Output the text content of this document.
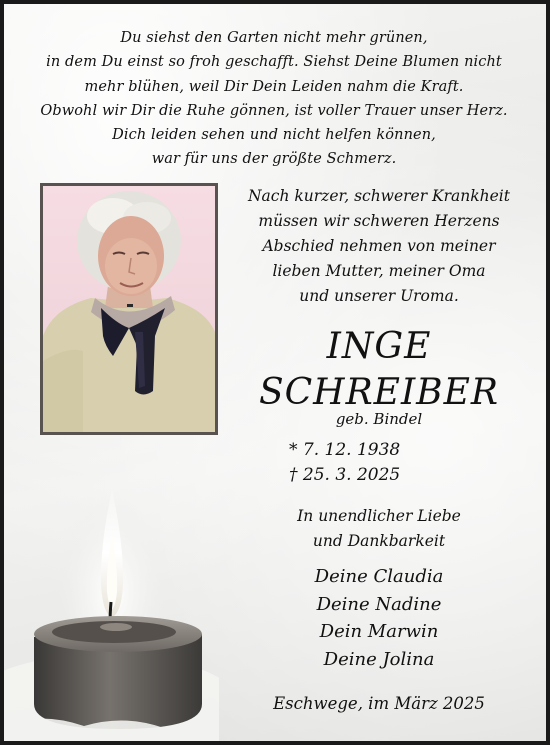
Du siehst den Garten nicht mehr grünen,
in dem Du einst so froh geschafft. Siehst Deine Blumen nicht
mehr blühen, weil Dir Dein Leiden nahm die Kraft.
Obwohl wir Dir die Ruhe gönnen, ist voller Trauer unser Herz.
Dich leiden sehen und nicht helfen können,
war für uns der größte Schmerz.
Nach kurzer, schwerer Krankheit
müssen wir schweren Herzens
Abschied nehmen von meiner
lieben Mutter, meiner Oma
und unserer Uroma.
INGE
SCHREIBER
geb. Bindel
* 7. 12. 1938
† 25. 3. 2025
In unendlicher Liebe
und Dankbarkeit
Deine Claudia
Deine Nadine
Dein Marwin
Deine Jolina
Eschwege, im März 2025
